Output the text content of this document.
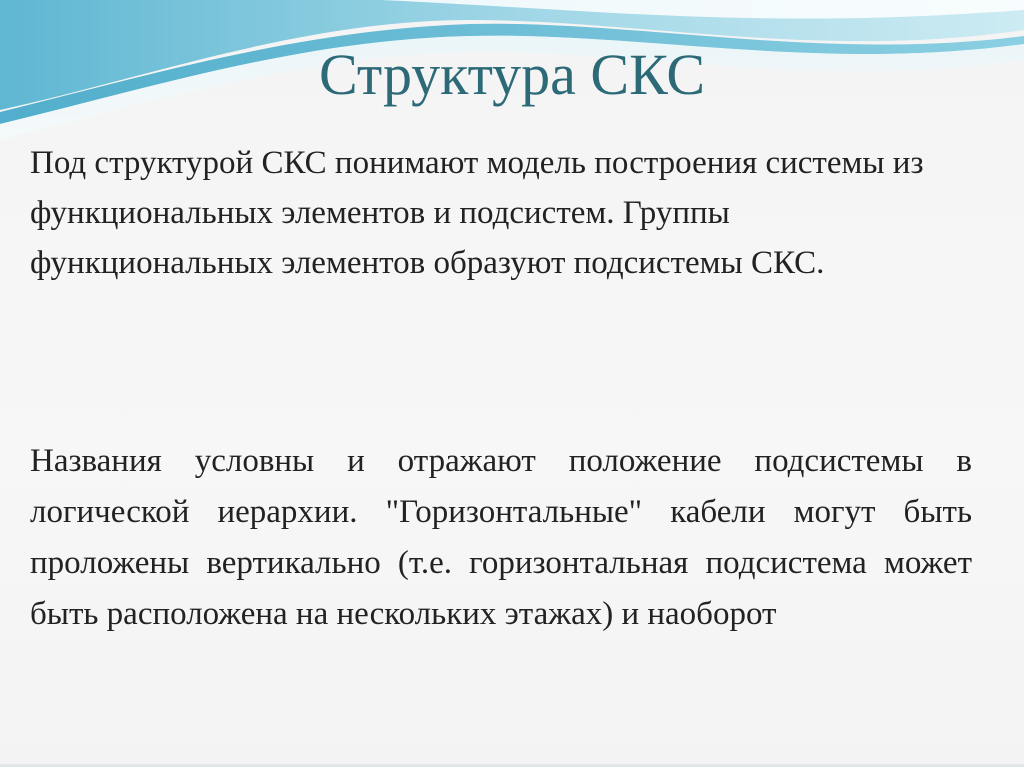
Структура СКС

Под структурой СКС понимают модель построения системы из функциональных элементов и подсистем. Группы функциональных элементов образуют подсистемы СКС.

Названия условны и отражают положение подсистемы в логической иерархии. "Горизонтальные" кабели могут быть проложены вертикально (т.е. горизонтальная подсистема может быть расположена на нескольких этажах) и наоборот
